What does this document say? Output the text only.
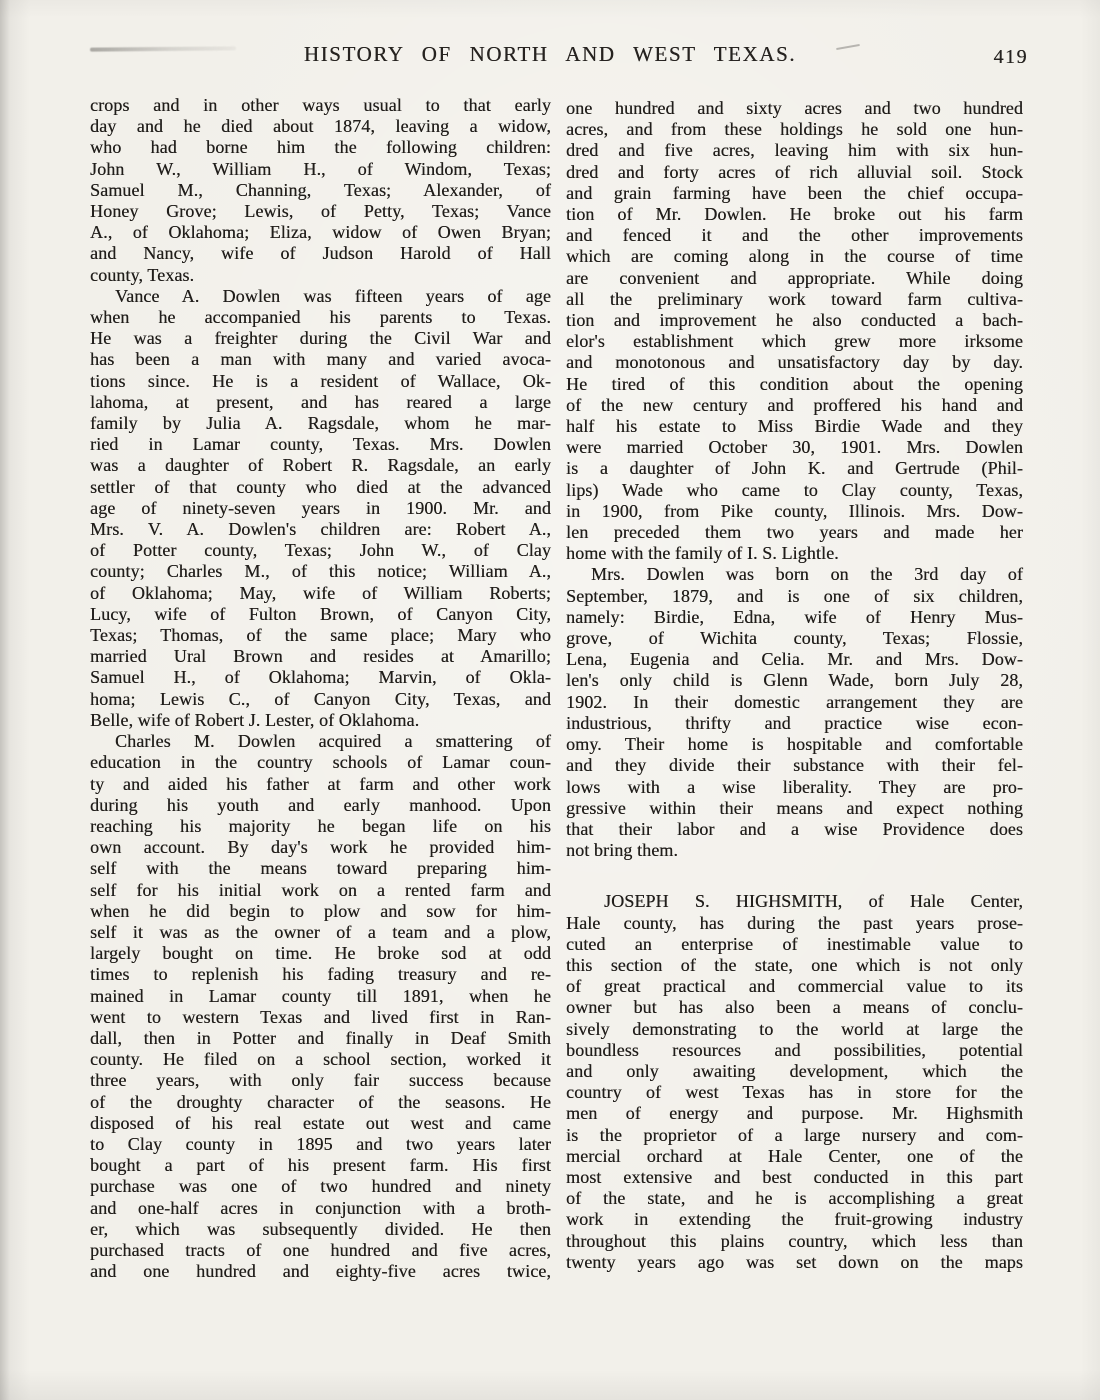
HISTORY OF NORTH AND WEST TEXAS.	419
crops and in other ways usual to that early
day and he died about 1874, leaving a widow,
who had borne him the following children:
John W., William H., of Windom, Texas;
Samuel M., Channing, Texas; Alexander, of
Honey Grove; Lewis, of Petty, Texas; Vance
A., of Oklahoma; Eliza, widow of Owen Bryan;
and Nancy, wife of Judson Harold of Hall
county, Texas.
Vance A. Dowlen was fifteen years of age
when he accompanied his parents to Texas.
He was a freighter during the Civil War and
has been a man with many and varied avoca-
tions since. He is a resident of Wallace, Ok-
lahoma, at present, and has reared a large
family by Julia A. Ragsdale, whom he mar-
ried in Lamar county, Texas. Mrs. Dowlen
was a daughter of Robert R. Ragsdale, an early
settler of that county who died at the advanced
age of ninety-seven years in 1900. Mr. and
Mrs. V. A. Dowlen's children are: Robert A.,
of Potter county, Texas; John W., of Clay
county; Charles M., of this notice; William A.,
of Oklahoma; May, wife of William Roberts;
Lucy, wife of Fulton Brown, of Canyon City,
Texas; Thomas, of the same place; Mary who
married Ural Brown and resides at Amarillo;
Samuel H., of Oklahoma; Marvin, of Okla-
homa; Lewis C., of Canyon City, Texas, and
Belle, wife of Robert J. Lester, of Oklahoma.
Charles M. Dowlen acquired a smattering of
education in the country schools of Lamar coun-
ty and aided his father at farm and other work
during his youth and early manhood. Upon
reaching his majority he began life on his
own account. By day's work he provided him-
self with the means toward preparing him-
self for his initial work on a rented farm and
when he did begin to plow and sow for him-
self it was as the owner of a team and a plow,
largely bought on time. He broke sod at odd
times to replenish his fading treasury and re-
mained in Lamar county till 1891, when he
went to western Texas and lived first in Ran-
dall, then in Potter and finally in Deaf Smith
county. He filed on a school section, worked it
three years, with only fair success because
of the droughty character of the seasons. He
disposed of his real estate out west and came
to Clay county in 1895 and two years later
bought a part of his present farm. His first
purchase was one of two hundred and ninety
and one-half acres in conjunction with a broth-
er, which was subsequently divided. He then
purchased tracts of one hundred and five acres,
and one hundred and eighty-five acres twice,
one hundred and sixty acres and two hundred
acres, and from these holdings he sold one hun-
dred and five acres, leaving him with six hun-
dred and forty acres of rich alluvial soil. Stock
and grain farming have been the chief occupa-
tion of Mr. Dowlen. He broke out his farm
and fenced it and the other improvements
which are coming along in the course of time
are convenient and appropriate. While doing
all the preliminary work toward farm cultiva-
tion and improvement he also conducted a bach-
elor's establishment which grew more irksome
and monotonous and unsatisfactory day by day.
He tired of this condition about the opening
of the new century and proffered his hand and
half his estate to Miss Birdie Wade and they
were married October 30, 1901. Mrs. Dowlen
is a daughter of John K. and Gertrude (Phil-
lips) Wade who came to Clay county, Texas,
in 1900, from Pike county, Illinois. Mrs. Dow-
len preceded them two years and made her
home with the family of I. S. Lightle.
Mrs. Dowlen was born on the 3rd day of
September, 1879, and is one of six children,
namely: Birdie, Edna, wife of Henry Mus-
grove, of Wichita county, Texas; Flossie,
Lena, Eugenia and Celia. Mr. and Mrs. Dow-
len's only child is Glenn Wade, born July 28,
1902. In their domestic arrangement they are
industrious, thrifty and practice wise econ-
omy. Their home is hospitable and comfortable
and they divide their substance with their fel-
lows with a wise liberality. They are pro-
gressive within their means and expect nothing
that their labor and a wise Providence does
not bring them.
JOSEPH S. HIGHSMITH, of Hale Center,
Hale county, has during the past years prose-
cuted an enterprise of inestimable value to
this section of the state, one which is not only
of great practical and commercial value to its
owner but has also been a means of conclu-
sively demonstrating to the world at large the
boundless resources and possibilities, potential
and only awaiting development, which the
country of west Texas has in store for the
men of energy and purpose. Mr. Highsmith
is the proprietor of a large nursery and com-
mercial orchard at Hale Center, one of the
most extensive and best conducted in this part
of the state, and he is accomplishing a great
work in extending the fruit-growing industry
throughout this plains country, which less than
twenty years ago was set down on the maps
